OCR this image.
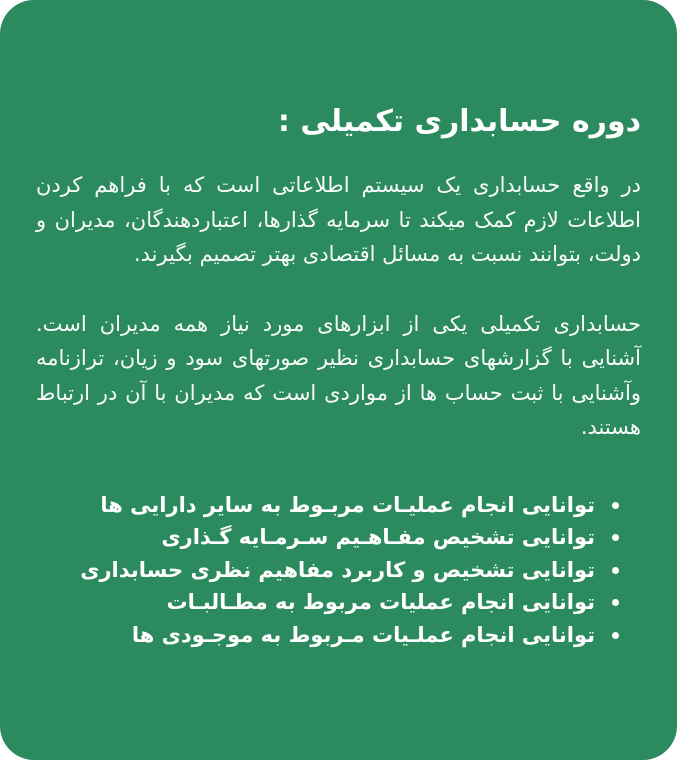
دوره حسابداری تکمیلی :

در واقع حسابداری یک سیستم اطلاعاتی است که با فراهم کردن اطلاعات لازم کمک میکند تا سرمایه گذارها، اعتباردهندگان، مدیران و دولت، بتوانند نسبت به مسائل اقتصادی بهتر تصمیم بگیرند.

حسابداری تکمیلی یکی از ابزارهای مورد نیاز همه مدیران است. آشنایی با گزارشهای حسابداری نظیر صورتهای سود و زیان، ترازنامه وآشنایی با ثبت حساب ها از مواردی است که مدیران با آن در ارتباط هستند.

توانایی انجام عملیـات مربـوط به سایر دارایی ها
توانایی تشخیص مفـاهـیم سـرمـایه گـذاری
توانایی تشخیص و کاربرد مفاهیم نظری حسابداری
توانایی انجام عملیات مربوط به مطـالبـات
توانایی انجام عملـیات مـربوط به موجـودی ها
